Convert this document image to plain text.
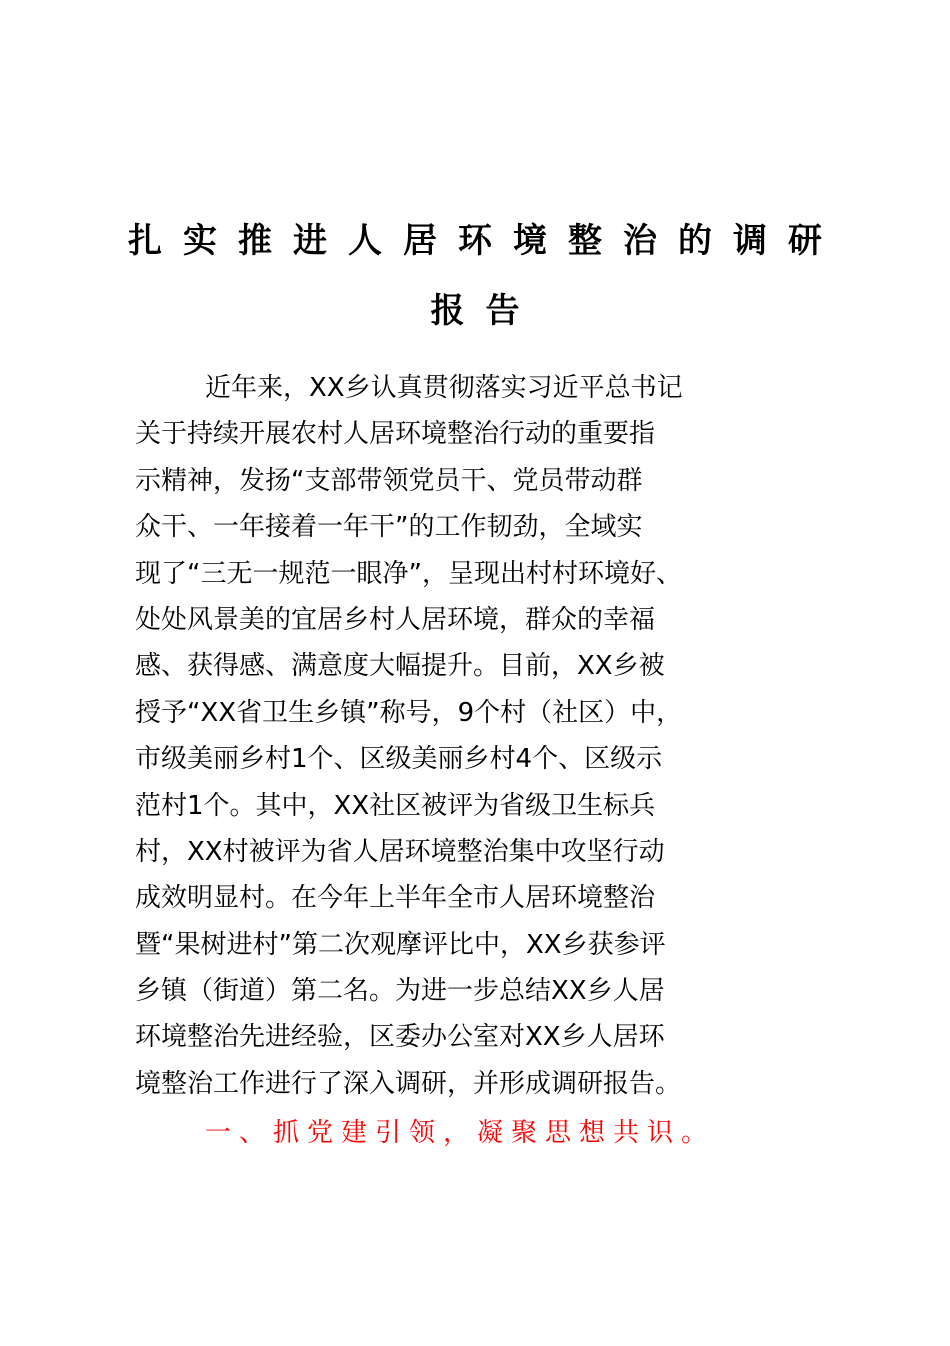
扎实推进人居环境整治的调研
报告
近年来，XX乡认真贯彻落实习近平总书记
关于持续开展农村人居环境整治行动的重要指
示精神，发扬“支部带领党员干、党员带动群
众干、一年接着一年干”的工作韧劲，全域实
现了“三无一规范一眼净”，呈现出村村环境好、
处处风景美的宜居乡村人居环境，群众的幸福
感、获得感、满意度大幅提升。目前，XX乡被
授予“XX省卫生乡镇”称号，9个村（社区）中，
市级美丽乡村1个、区级美丽乡村4个、区级示
范村1个。其中，XX社区被评为省级卫生标兵
村，XX村被评为省人居环境整治集中攻坚行动
成效明显村。在今年上半年全市人居环境整治
暨“果树进村”第二次观摩评比中，XX乡获参评
乡镇（街道）第二名。为进一步总结XX乡人居
环境整治先进经验，区委办公室对XX乡人居环
境整治工作进行了深入调研，并形成调研报告。
一、抓党建引领，凝聚思想共识。
